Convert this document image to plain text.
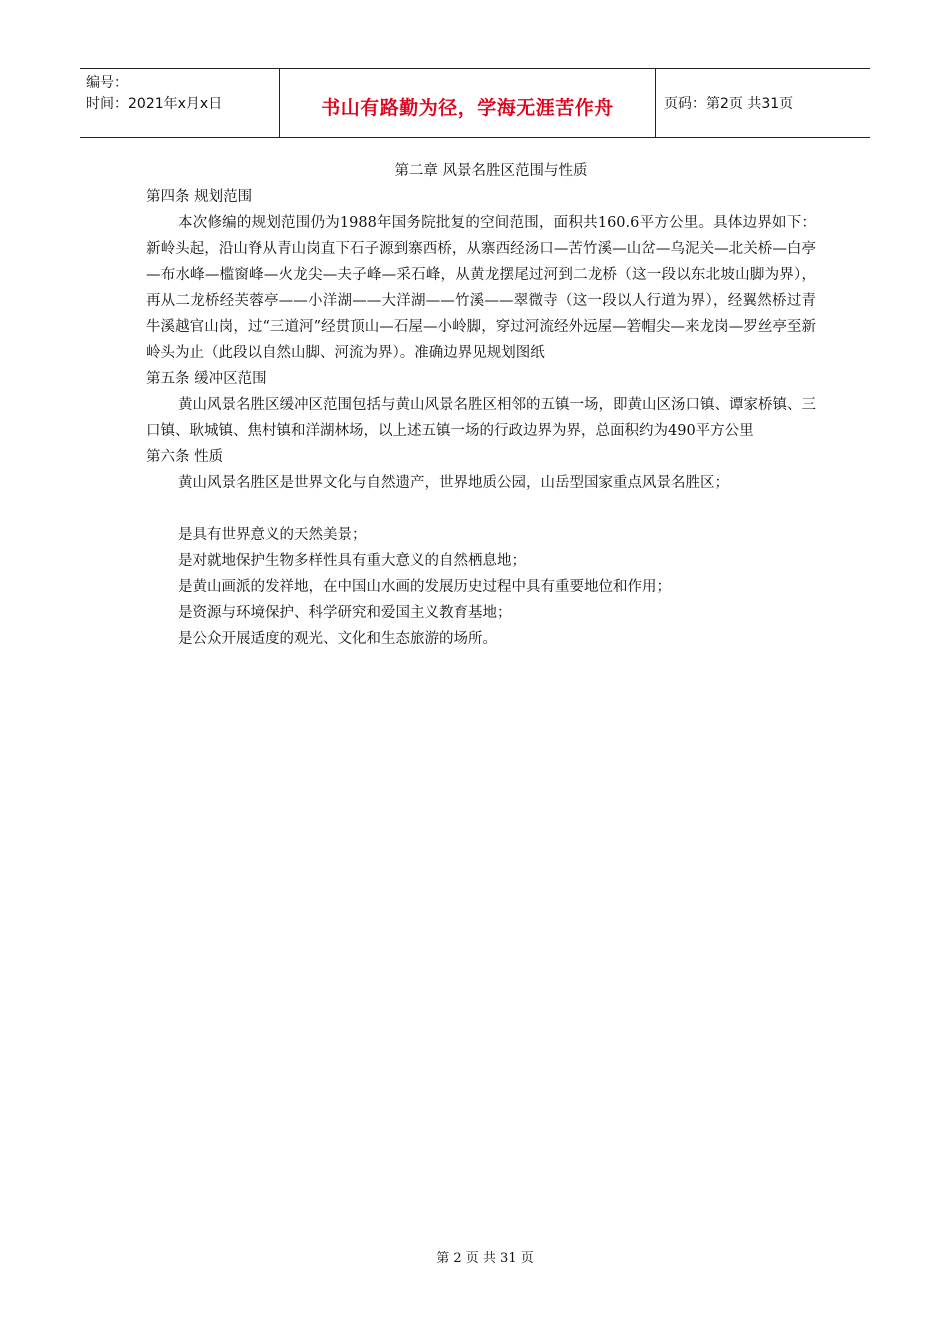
编号：
时间：2021年x月x日	书山有路勤为径，学海无涯苦作舟	页码：第2页 共31页
第二章 风景名胜区范围与性质
第四条 规划范围
本次修编的规划范围仍为1988年国务院批复的空间范围，面积共160.6平方公里。具体边界如下：新岭头起，沿山脊从青山岗直下石子源到寨西桥，从寨西经汤口—苦竹溪—山岔—乌泥关—北关桥—白亭—布水峰—槛窗峰—火龙尖—夫子峰—采石峰，从黄龙摆尾过河到二龙桥（这一段以东北坡山脚为界），再从二龙桥经芙蓉亭——小洋湖——大洋湖——竹溪——翠微寺（这一段以人行道为界），经翼然桥过青牛溪越官山岗，过“三道河”经贯顶山—石屋—小岭脚，穿过河流经外远屋—箬帽尖—来龙岗—罗丝亭至新岭头为止（此段以自然山脚、河流为界）。准确边界见规划图纸
第五条 缓冲区范围
黄山风景名胜区缓冲区范围包括与黄山风景名胜区相邻的五镇一场，即黄山区汤口镇、谭家桥镇、三口镇、耿城镇、焦村镇和洋湖林场，以上述五镇一场的行政边界为界，总面积约为490平方公里
第六条 性质
黄山风景名胜区是世界文化与自然遗产，世界地质公园，山岳型国家重点风景名胜区；
是具有世界意义的天然美景；
是对就地保护生物多样性具有重大意义的自然栖息地；
是黄山画派的发祥地，在中国山水画的发展历史过程中具有重要地位和作用；
是资源与环境保护、科学研究和爱国主义教育基地；
是公众开展适度的观光、文化和生态旅游的场所。
第 2 页 共 31 页
